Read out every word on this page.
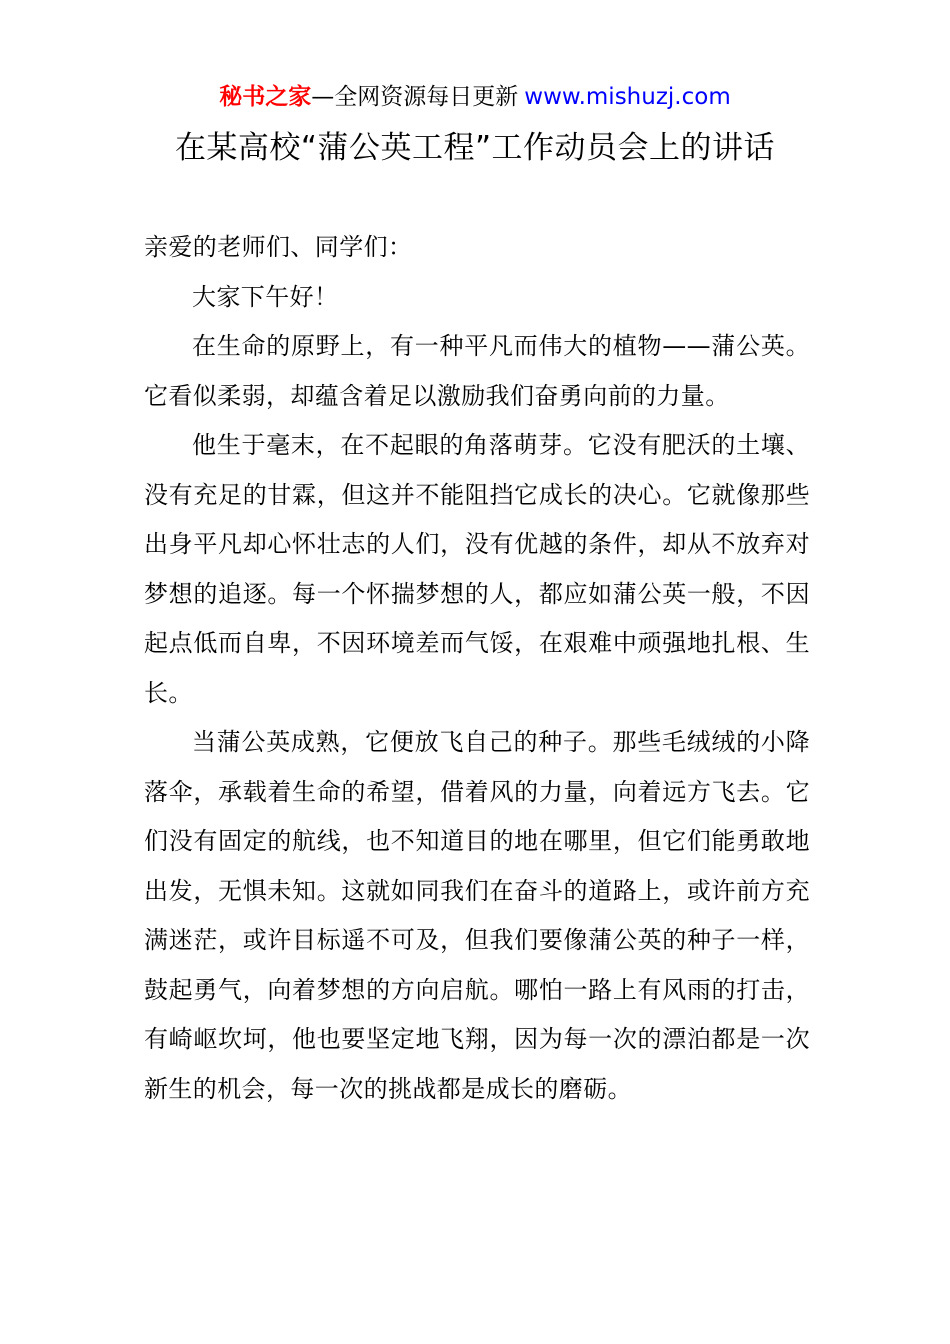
秘书之家—全网资源每日更新 www.mishuzj.com
在某高校“蒲公英工程”工作动员会上的讲话

亲爱的老师们、同学们：

大家下午好！

在生命的原野上，有一种平凡而伟大的植物——蒲公英。它看似柔弱，却蕴含着足以激励我们奋勇向前的力量。

他生于毫末，在不起眼的角落萌芽。它没有肥沃的土壤、没有充足的甘霖，但这并不能阻挡它成长的决心。它就像那些出身平凡却心怀壮志的人们，没有优越的条件，却从不放弃对梦想的追逐。每一个怀揣梦想的人，都应如蒲公英一般，不因起点低而自卑，不因环境差而气馁，在艰难中顽强地扎根、生长。

当蒲公英成熟，它便放飞自己的种子。那些毛绒绒的小降落伞，承载着生命的希望，借着风的力量，向着远方飞去。它们没有固定的航线，也不知道目的地在哪里，但它们能勇敢地出发，无惧未知。这就如同我们在奋斗的道路上，或许前方充满迷茫，或许目标遥不可及，但我们要像蒲公英的种子一样，鼓起勇气，向着梦想的方向启航。哪怕一路上有风雨的打击，有崎岖坎坷，他也要坚定地飞翔，因为每一次的漂泊都是一次新生的机会，每一次的挑战都是成长的磨砺。
